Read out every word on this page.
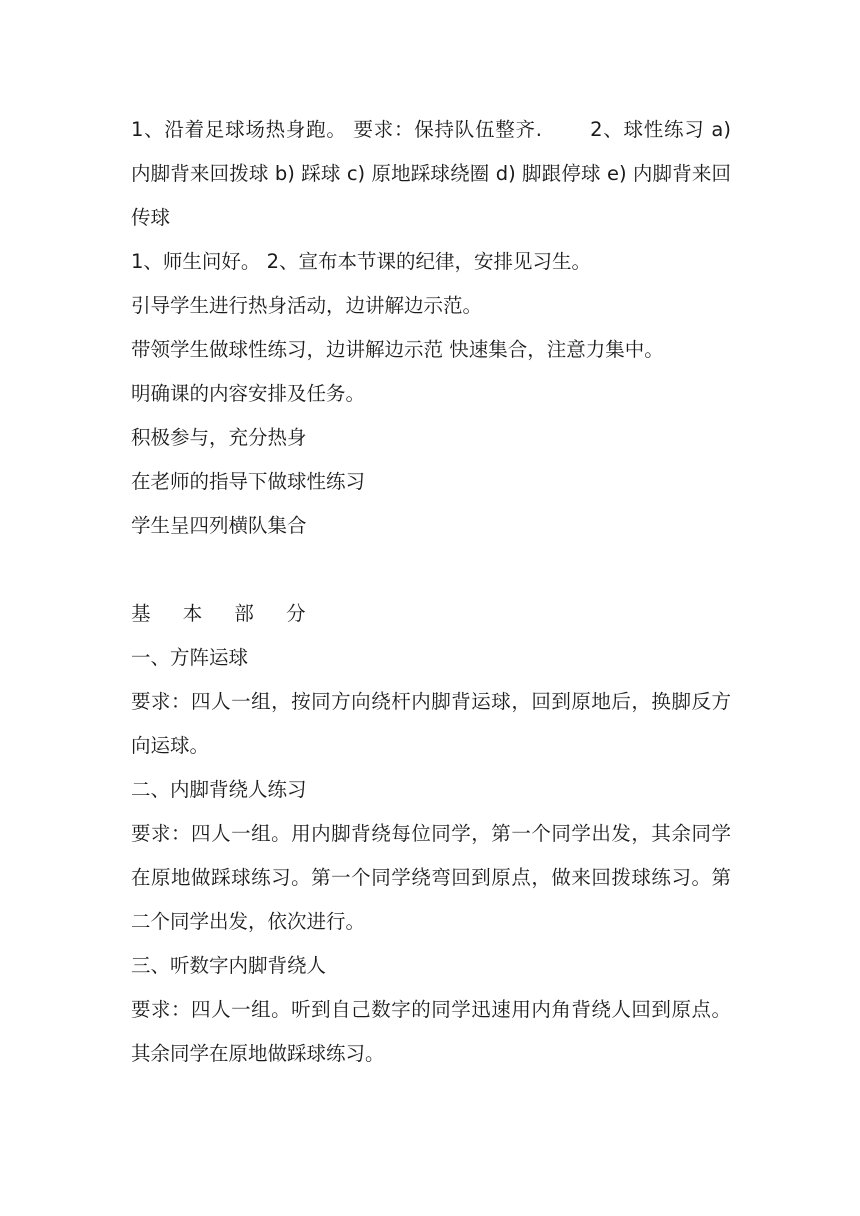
1、沿着足球场热身跑。 要求：保持队伍整齐.　　 2、球性练习 a) 内脚背来回拨球 b) 踩球 c) 原地踩球绕圈 d) 脚跟停球 e) 内脚背来回传球

1、师生问好。 2、宣布本节课的纪律，安排见习生。

引导学生进行热身活动，边讲解边示范。

带领学生做球性练习，边讲解边示范 快速集合，注意力集中。

明确课的内容安排及任务。

积极参与，充分热身

在老师的指导下做球性练习

学生呈四列横队集合

基 本 部 分

一、方阵运球

要求：四人一组，按同方向绕杆内脚背运球，回到原地后，换脚反方向运球。

二、内脚背绕人练习

要求：四人一组。用内脚背绕每位同学，第一个同学出发，其余同学在原地做踩球练习。第一个同学绕弯回到原点，做来回拨球练习。第二个同学出发，依次进行。

三、听数字内脚背绕人

要求：四人一组。听到自己数字的同学迅速用内角背绕人回到原点。其余同学在原地做踩球练习。
